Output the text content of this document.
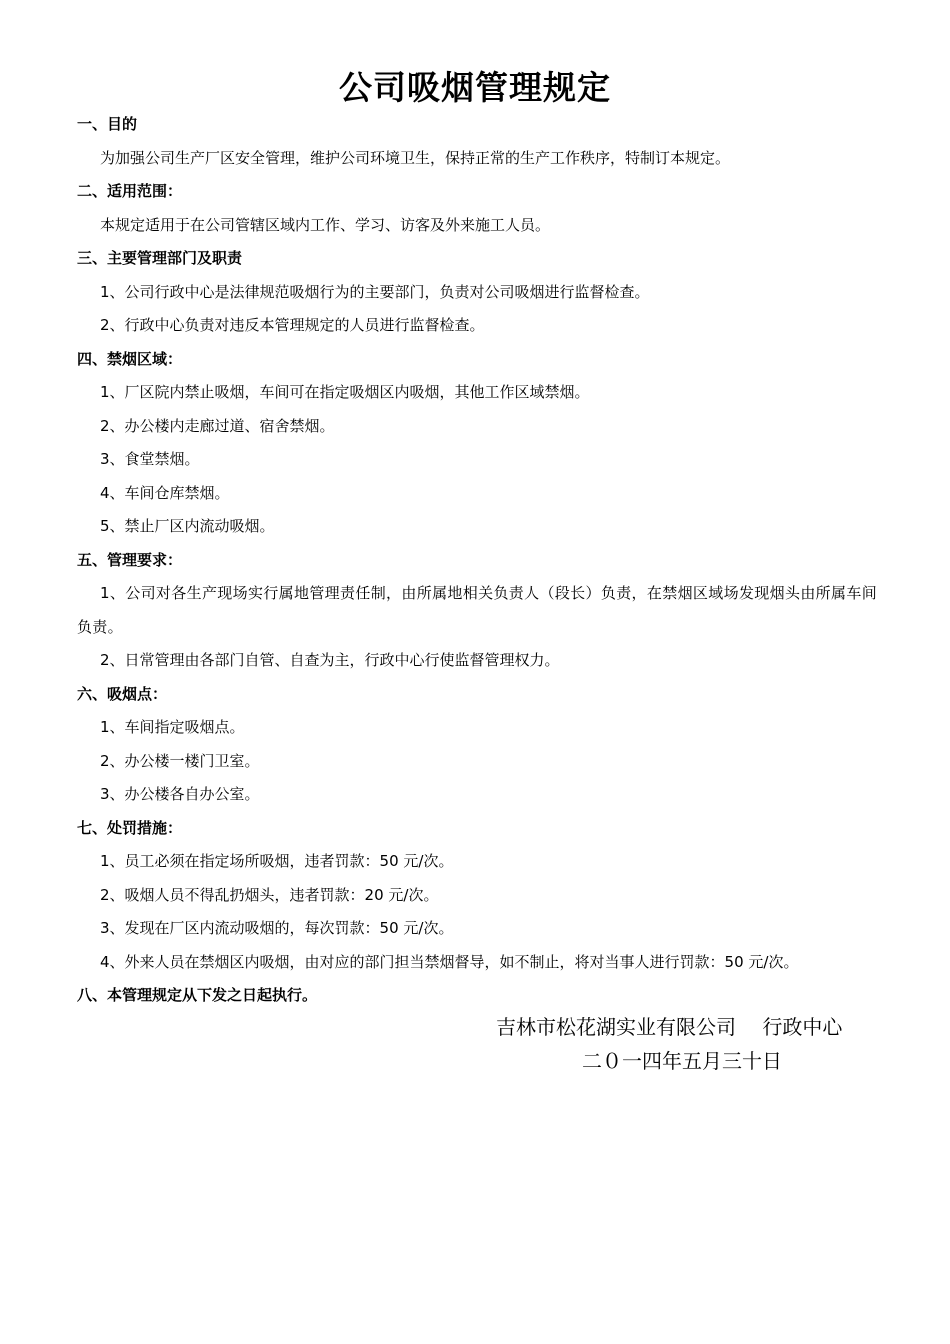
公司吸烟管理规定
一、目的
为加强公司生产厂区安全管理，维护公司环境卫生，保持正常的生产工作秩序，特制订本规定。
二、适用范围：
本规定适用于在公司管辖区域内工作、学习、访客及外来施工人员。
三、主要管理部门及职责
1、公司行政中心是法律规范吸烟行为的主要部门，负责对公司吸烟进行监督检查。
2、行政中心负责对违反本管理规定的人员进行监督检查。
四、禁烟区域：
1、厂区院内禁止吸烟，车间可在指定吸烟区内吸烟，其他工作区域禁烟。
2、办公楼内走廊过道、宿舍禁烟。
3、食堂禁烟。
4、车间仓库禁烟。
5、禁止厂区内流动吸烟。
五、管理要求：
1、公司对各生产现场实行属地管理责任制，由所属地相关负责人（段长）负责，在禁烟区域场发现烟头由所属车间负责。
2、日常管理由各部门自管、自查为主，行政中心行使监督管理权力。
六、吸烟点：
1、车间指定吸烟点。
2、办公楼一楼门卫室。
3、办公楼各自办公室。
七、处罚措施：
1、员工必须在指定场所吸烟，违者罚款：50 元/次。
2、吸烟人员不得乱扔烟头，违者罚款：20 元/次。
3、发现在厂区内流动吸烟的，每次罚款：50 元/次。
4、外来人员在禁烟区内吸烟，由对应的部门担当禁烟督导，如不制止，将对当事人进行罚款：50 元/次。
八、本管理规定从下发之日起执行。
吉林市松花湖实业有限公司　 行政中心
二０一四年五月三十日
